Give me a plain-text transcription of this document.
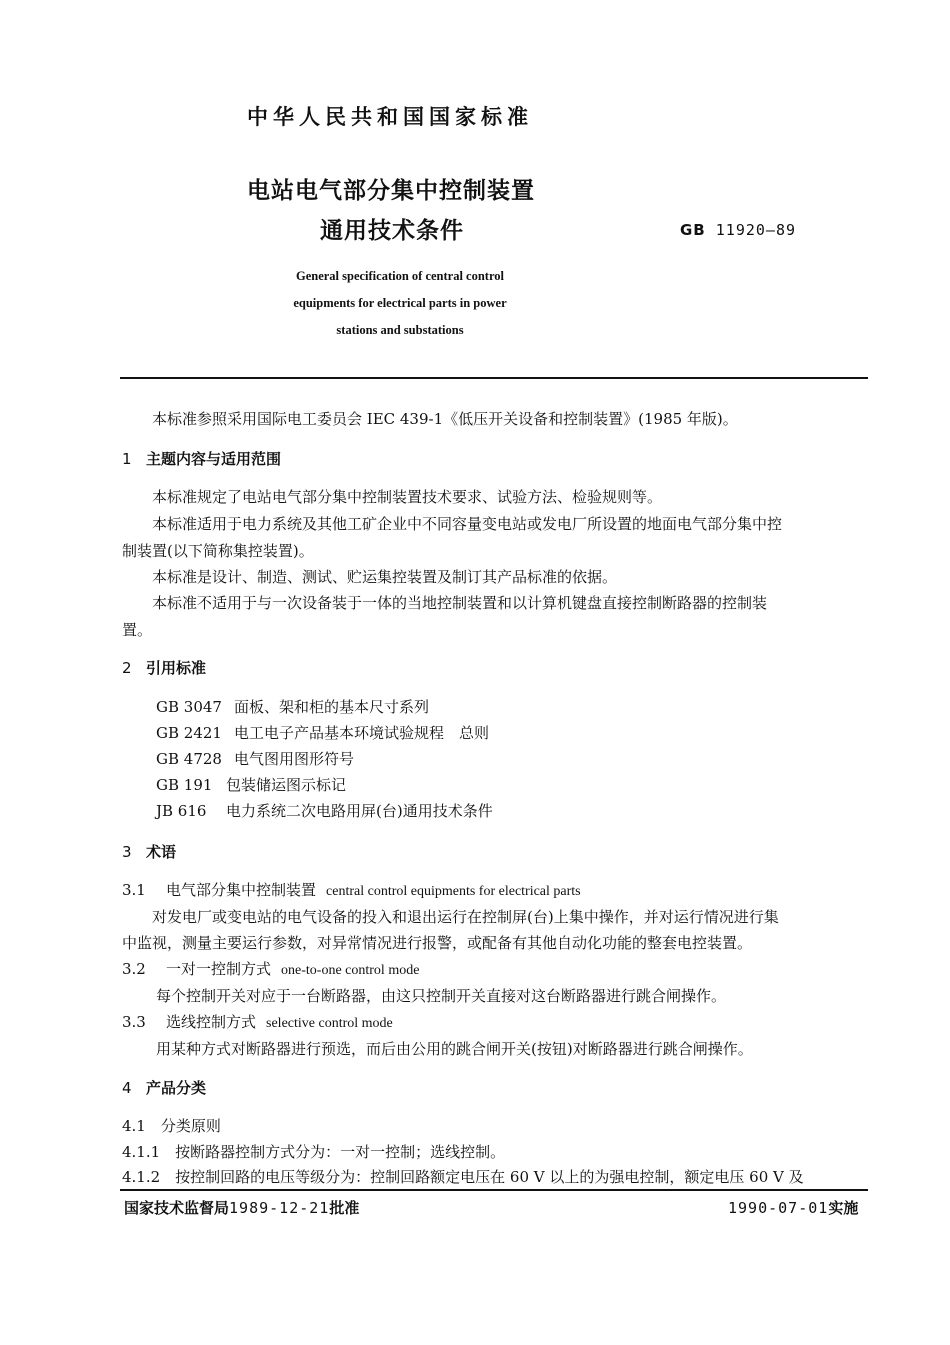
中华人民共和国国家标准
电站电气部分集中控制装置
通用技术条件	GB 11920—89
General specification of central control
equipments for electrical parts in power
stations and substations
本标准参照采用国际电工委员会 IEC 439-1《低压开关设备和控制装置》(1985 年版)。
1 主题内容与适用范围
本标准规定了电站电气部分集中控制装置技术要求、试验方法、检验规则等。
本标准适用于电力系统及其他工矿企业中不同容量变电站或发电厂所设置的地面电气部分集中控
制装置(以下简称集控装置)。
本标准是设计、制造、测试、贮运集控装置及制订其产品标准的依据。
本标准不适用于与一次设备装于一体的当地控制装置和以计算机键盘直接控制断路器的控制装
置。
2 引用标准
GB 3047 面板、架和柜的基本尺寸系列
GB 2421 电工电子产品基本环境试验规程　总则
GB 4728 电气图用图形符号
GB 191 包装储运图示标记
JB 616 电力系统二次电路用屏(台)通用技术条件
3 术语
3.1 电气部分集中控制装置 central control equipments for electrical parts
对发电厂或变电站的电气设备的投入和退出运行在控制屏(台)上集中操作，并对运行情况进行集
中监视，测量主要运行参数，对异常情况进行报警，或配备有其他自动化功能的整套电控装置。
3.2 一对一控制方式 one-to-one control mode
每个控制开关对应于一台断路器，由这只控制开关直接对这台断路器进行跳合闸操作。
3.3 选线控制方式 selective control mode
用某种方式对断路器进行预选，而后由公用的跳合闸开关(按钮)对断路器进行跳合闸操作。
4 产品分类
4.1　分类原则
4.1.1　按断路器控制方式分为：一对一控制；选线控制。
4.1.2　按控制回路的电压等级分为：控制回路额定电压在 60 V 以上的为强电控制，额定电压 60 V 及
国家技术监督局1989-12-21批准	1990-07-01实施
